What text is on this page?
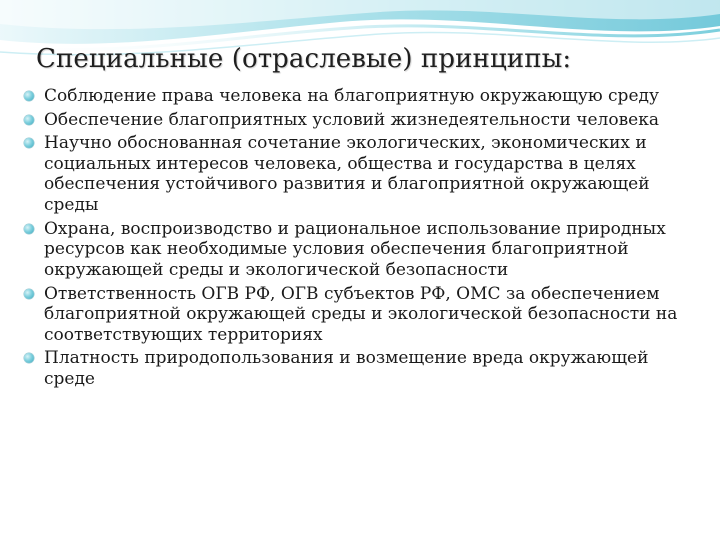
Специальные (отраслевые) принципы:
Соблюдение права человека на благоприятную окружающую среду
Обеспечение благоприятных условий жизнедеятельности человека
Научно обоснованная сочетание экологических, экономических и социальных интересов человека, общества и государства в целях обеспечения устойчивого развития и благоприятной окружающей среды
Охрана, воспроизводство и рациональное использование природных ресурсов как необходимые условия обеспечения благоприятной окружающей среды и экологической безопасности
Ответственность ОГВ РФ, ОГВ субъектов РФ, ОМС за обеспечением благоприятной окружающей среды и экологической безопасности на соответствующих территориях
Платность природопользования и возмещение вреда окружающей среде
